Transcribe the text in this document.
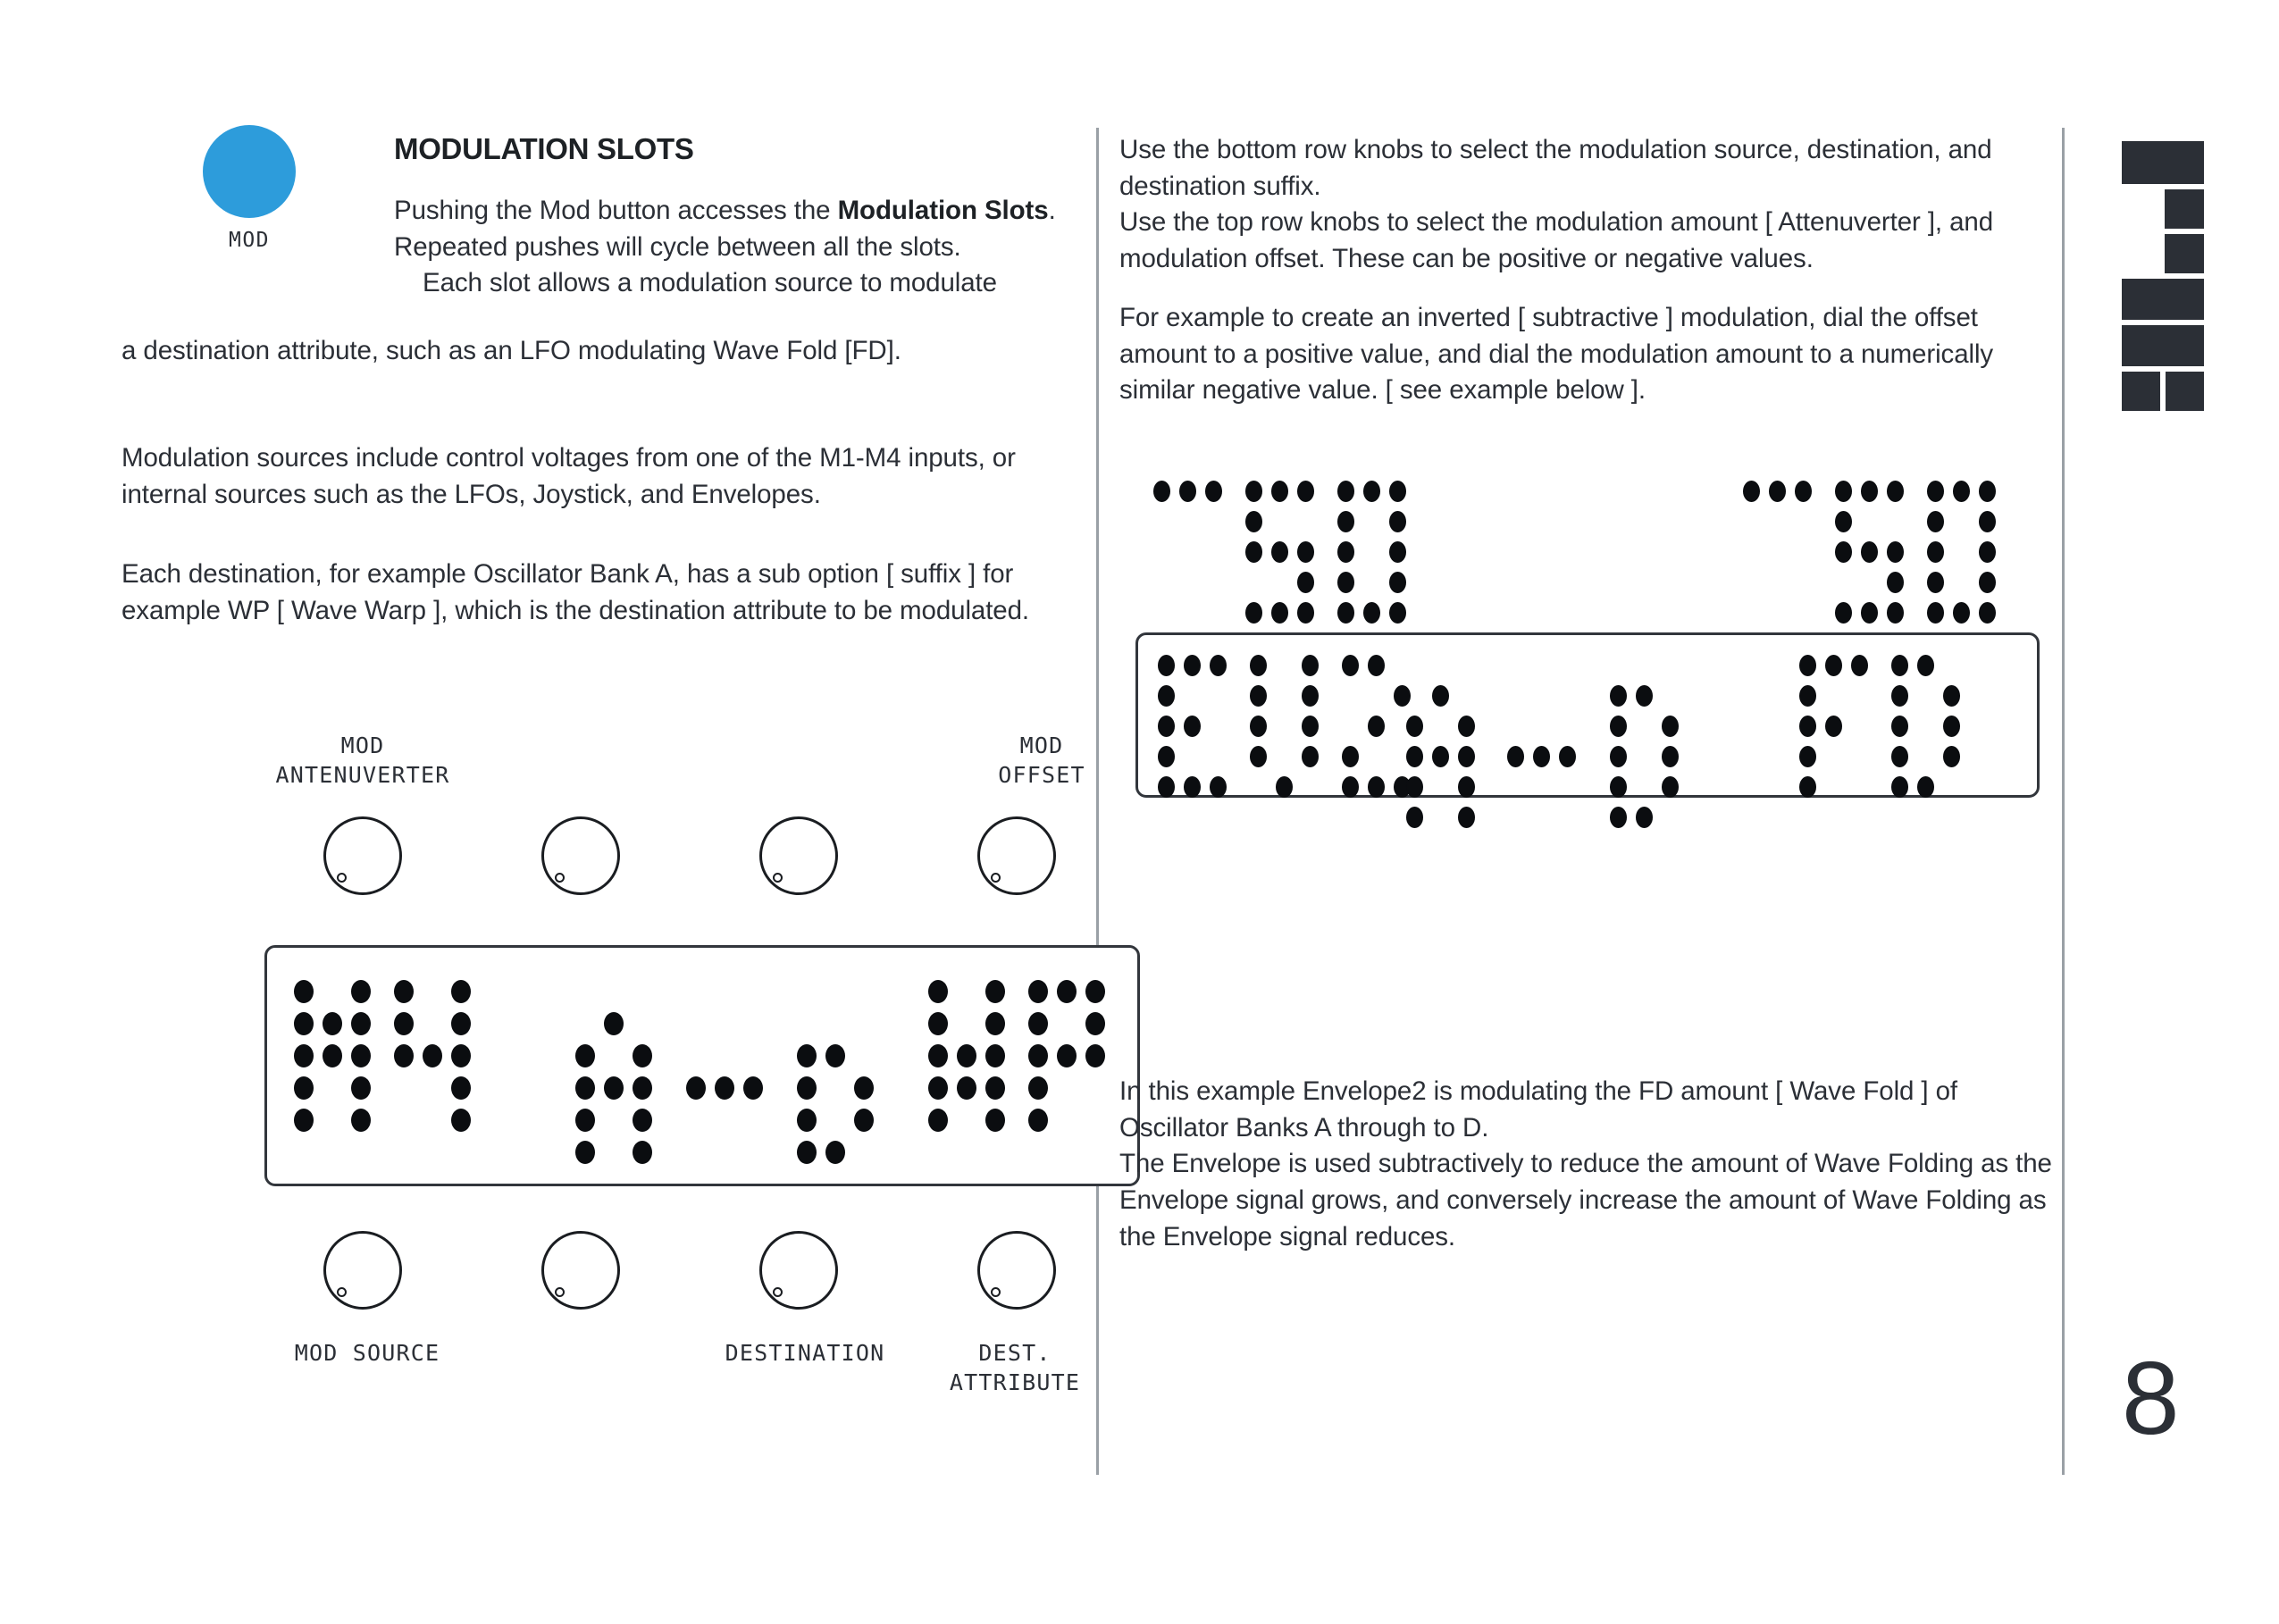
MOD
MODULATION SLOTS
Pushing the Mod button accesses the Modulation Slots. Repeated pushes will cycle between all the slots.
Each slot allows a modulation source to modulate
a destination attribute, such as an LFO modulating Wave Fold [FD].
Modulation sources include control voltages from one of the M1-M4 inputs, or internal sources such as the LFOs, Joystick, and Envelopes.
Each destination, for example Oscillator Bank A, has a sub option [ suffix ] for example WP [ Wave Warp ], which is the destination attribute to be modulated.
MOD
ANTENUVERTER
MOD
OFFSET
MOD SOURCE	DESTINATION	DEST.
ATTRIBUTE
Use the bottom row knobs to select the modulation source, destination, and destination suffix.
Use the top row knobs to select the modulation amount [ Attenuverter ], and modulation offset. These can be positive or negative values.
For example to create an inverted [ subtractive ] modulation, dial the offset amount to a positive value, and dial the modulation amount to a numerically similar negative value. [ see example below ].
In this example Envelope2 is modulating the FD amount [ Wave Fold ] of Oscillator Banks A through to D.
The Envelope is used subtractively to reduce the amount of Wave Folding as the Envelope signal grows, and conversely increase the amount of Wave Folding as the Envelope signal reduces.
8
